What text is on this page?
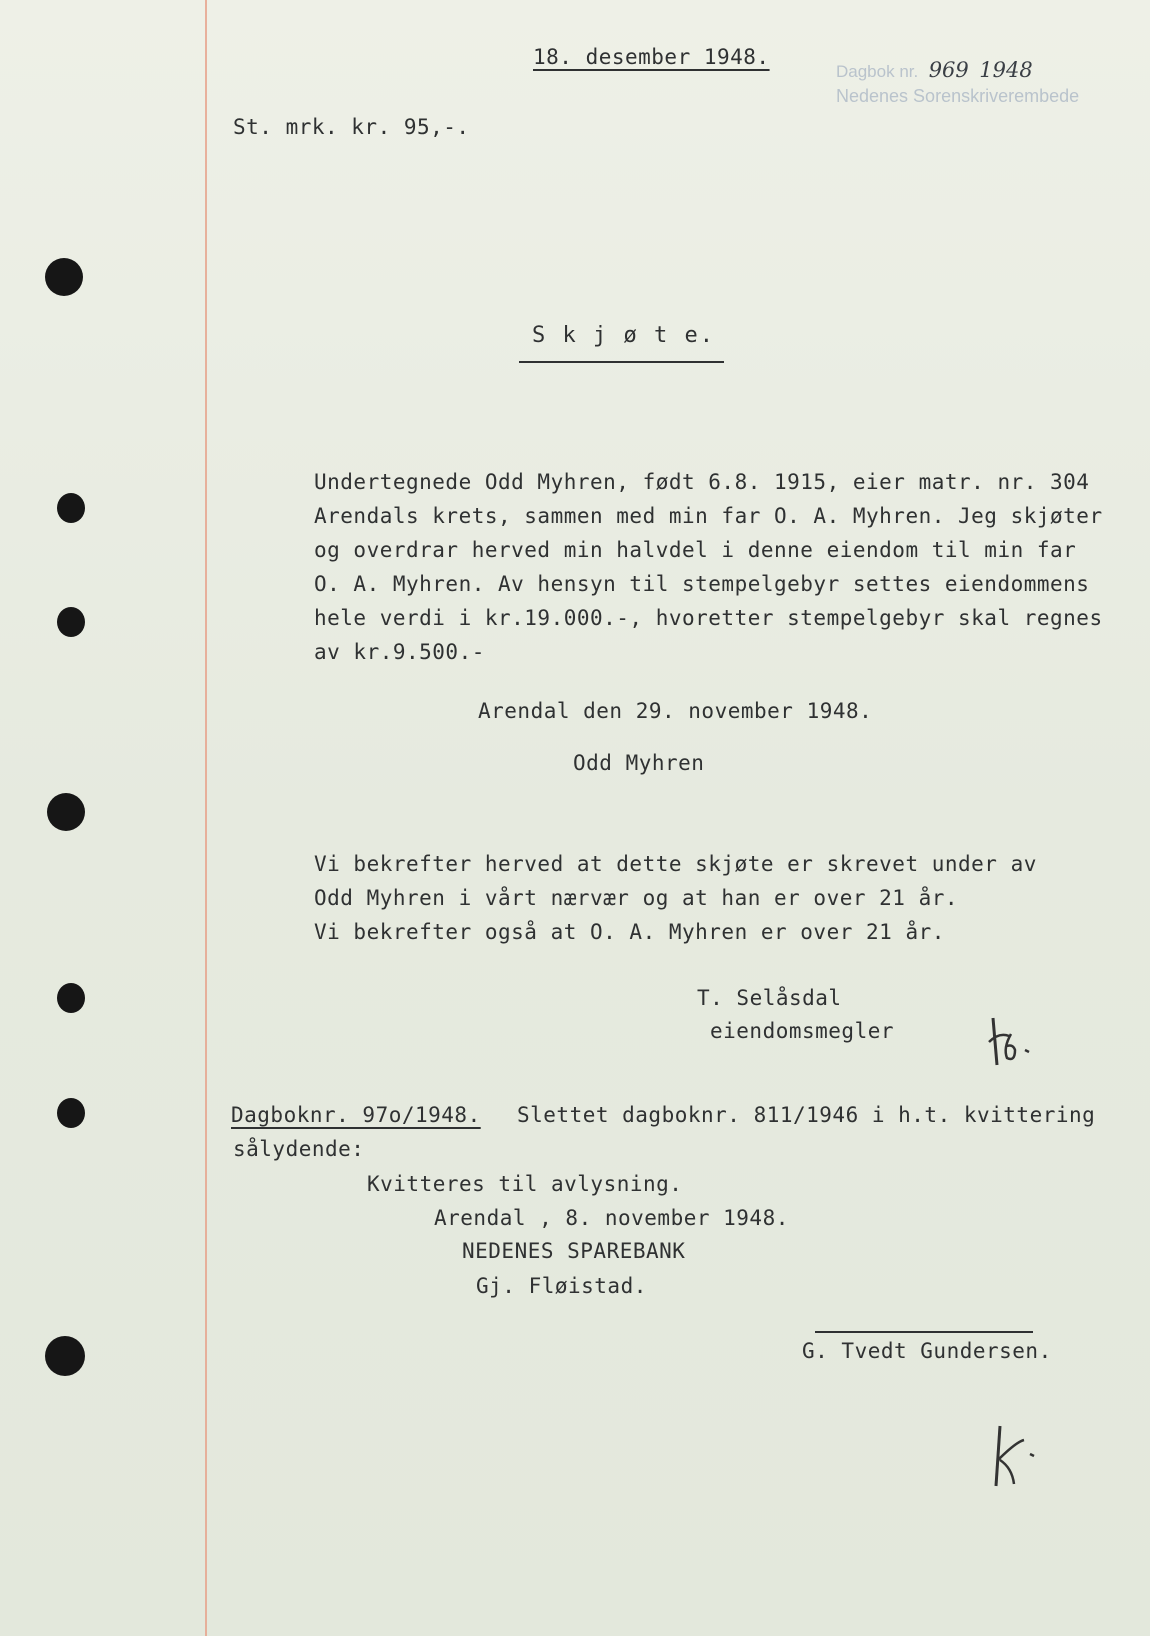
18. desember 1948.
Dagbok nr. 969 1948
Nedenes Sorenskriverembede
St. mrk. kr. 95,-.
S k j ø t e.
Undertegnede Odd Myhren, født 6.8. 1915, eier matr. nr. 304
Arendals krets, sammen med min far O. A. Myhren. Jeg skjøter
og overdrar herved min halvdel i denne eiendom til min far
O. A. Myhren. Av hensyn til stempelgebyr settes eiendommens
hele verdi i kr.19.000.-, hvoretter stempelgebyr skal regnes
av kr.9.500.-
Arendal den 29. november 1948.
Odd Myhren
Vi bekrefter herved at dette skjøte er skrevet under av
Odd Myhren i vårt nærvær og at han er over 21 år.
Vi bekrefter også at O. A. Myhren er over 21 år.
T. Selåsdal
eiendomsmegler
Dagboknr. 97o/1948. Slettet dagboknr. 811/1946 i h.t. kvittering
sålydende:
Kvitteres til avlysning.
Arendal , 8. november 1948.
NEDENES SPAREBANK
Gj. Fløistad.
G. Tvedt Gundersen.
